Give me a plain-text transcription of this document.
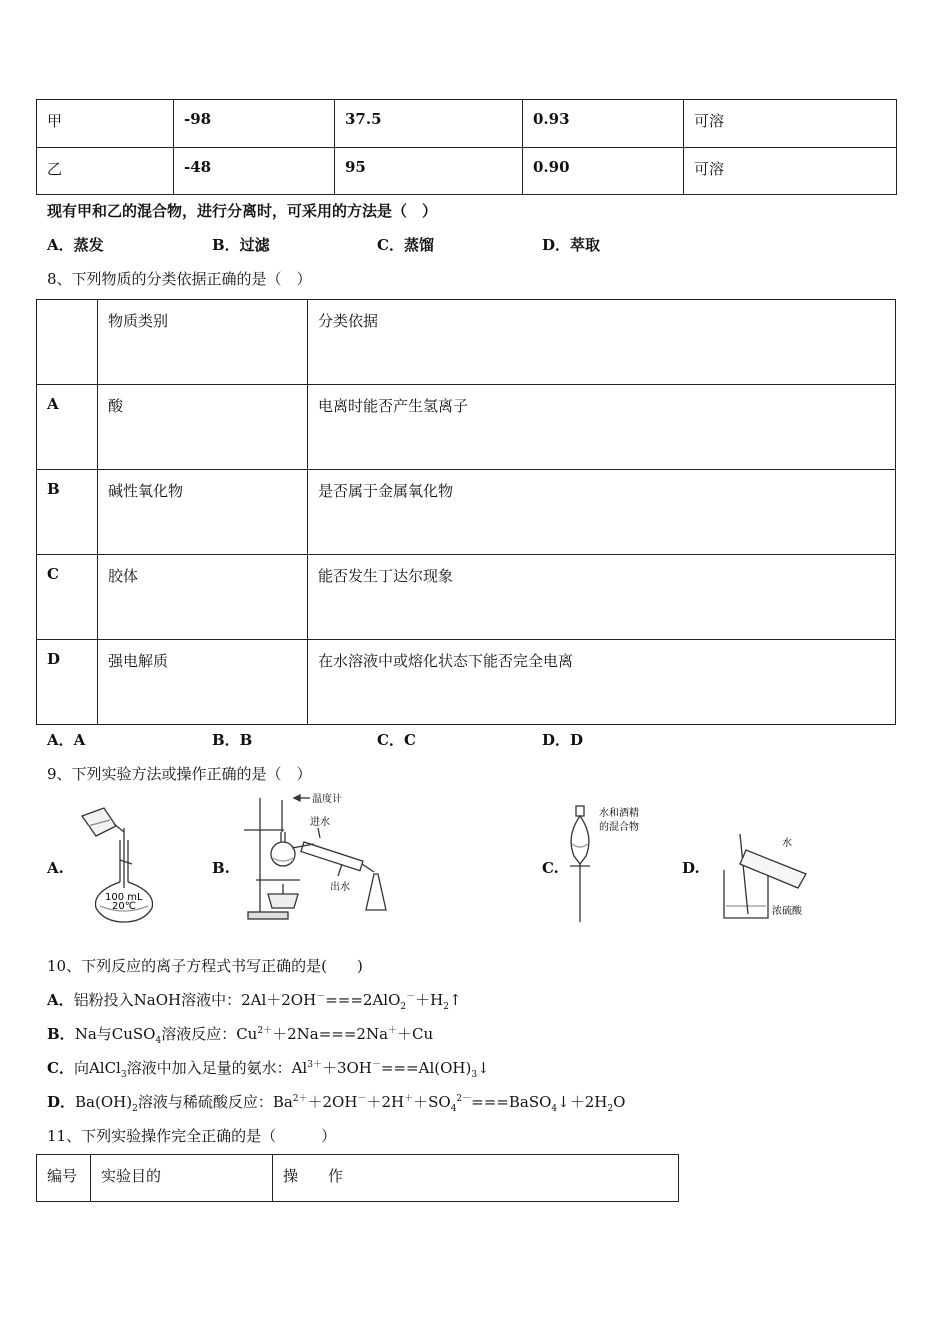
甲	-98	37.5	0.93	可溶

乙	-48	95	0.90	可溶
现有甲和乙的混合物，进行分离时，可采用的方法是（　）
A．蒸发	B．过滤	C．蒸馏	D．萃取
8、下列物质的分类依据正确的是（　）

	物质类别	分类依据

A	酸	电离时能否产生氢离子

B	碱性氧化物	是否属于金属氧化物

C	胶体	能否发生丁达尔现象

D	强电解质	在水溶液中或熔化状态下能否完全电离
A．A	B．B	C．C	D．D
9、下列实验方法或操作正确的是（　）
A.	B.	C.	D.
100 mL
20℃
温度计
进水
出水
水和酒精
的混合物
水
浓硫酸
10、下列反应的离子方程式书写正确的是(　　)
A．铝粉投入NaOH溶液中：$2Al+2OH^-===2AlO_2^-+H_2↑$
B．Na与CuSO$_4$溶液反应：$Cu^{2+}+2Na===2Na^++Cu$
C．向AlCl$_3$溶液中加入足量的氨水：$Al^{3+}+3OH^-===Al(OH)_3↓$
D．$Ba(OH)_2$溶液与稀硫酸反应：$Ba^{2+}+2OH^-+2H^++SO_4^{2-}===BaSO_4↓+2H_2O$
11、下列实验操作完全正确的是（　　　）
编号	实验目的	操　　作
